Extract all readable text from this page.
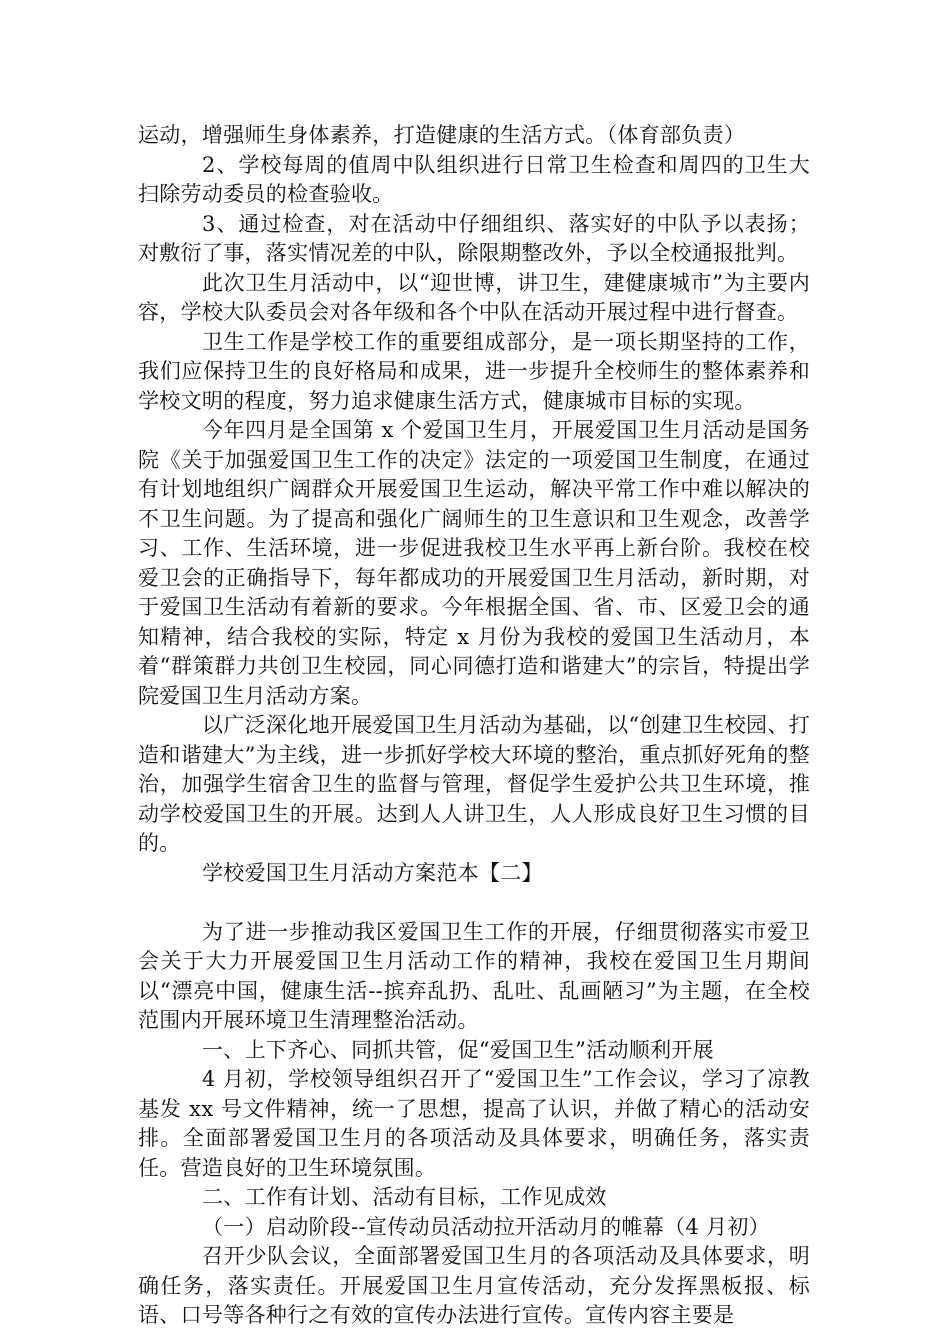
运动，增强师生身体素养，打造健康的生活方式。（体育部负责）

2、学校每周的值周中队组织进行日常卫生检查和周四的卫生大扫除劳动委员的检查验收。

3、通过检查，对在活动中仔细组织、落实好的中队予以表扬；对敷衍了事，落实情况差的中队，除限期整改外，予以全校通报批判。

此次卫生月活动中，以“迎世博，讲卫生，建健康城市”为主要内容，学校大队委员会对各年级和各个中队在活动开展过程中进行督查。

卫生工作是学校工作的重要组成部分，是一项长期坚持的工作，我们应保持卫生的良好格局和成果，进一步提升全校师生的整体素养和学校文明的程度，努力追求健康生活方式，健康城市目标的实现。

今年四月是全国第 x 个爱国卫生月，开展爱国卫生月活动是国务院《关于加强爱国卫生工作的决定》法定的一项爱国卫生制度，在通过有计划地组织广阔群众开展爱国卫生运动，解决平常工作中难以解决的不卫生问题。为了提高和强化广阔师生的卫生意识和卫生观念，改善学习、工作、生活环境，进一步促进我校卫生水平再上新台阶。我校在校爱卫会的正确指导下，每年都成功的开展爱国卫生月活动，新时期，对于爱国卫生活动有着新的要求。今年根据全国、省、市、区爱卫会的通知精神，结合我校的实际，特定 x 月份为我校的爱国卫生活动月，本着“群策群力共创卫生校园，同心同德打造和谐建大”的宗旨，特提出学院爱国卫生月活动方案。

以广泛深化地开展爱国卫生月活动为基础，以“创建卫生校园、打造和谐建大”为主线，进一步抓好学校大环境的整治，重点抓好死角的整治，加强学生宿舍卫生的监督与管理，督促学生爱护公共卫生环境，推动学校爱国卫生的开展。达到人人讲卫生，人人形成良好卫生习惯的目的。

学校爱国卫生月活动方案范本【二】

为了进一步推动我区爱国卫生工作的开展，仔细贯彻落实市爱卫会关于大力开展爱国卫生月活动工作的精神，我校在爱国卫生月期间以“漂亮中国，健康生活--摈弃乱扔、乱吐、乱画陋习”为主题，在全校范围内开展环境卫生清理整治活动。

一、上下齐心、同抓共管，促“爱国卫生”活动顺利开展

4 月初，学校领导组织召开了“爱国卫生”工作会议，学习了凉教基发 xx 号文件精神，统一了思想，提高了认识，并做了精心的活动安排。全面部署爱国卫生月的各项活动及具体要求，明确任务，落实责任。营造良好的卫生环境氛围。

二、工作有计划、活动有目标，工作见成效

（一）启动阶段--宣传动员活动拉开活动月的帷幕（4 月初）

召开少队会议，全面部署爱国卫生月的各项活动及具体要求，明确任务，落实责任。开展爱国卫生月宣传活动，充分发挥黑板报、标语、口号等各种行之有效的宣传办法进行宣传。宣传内容主要是
